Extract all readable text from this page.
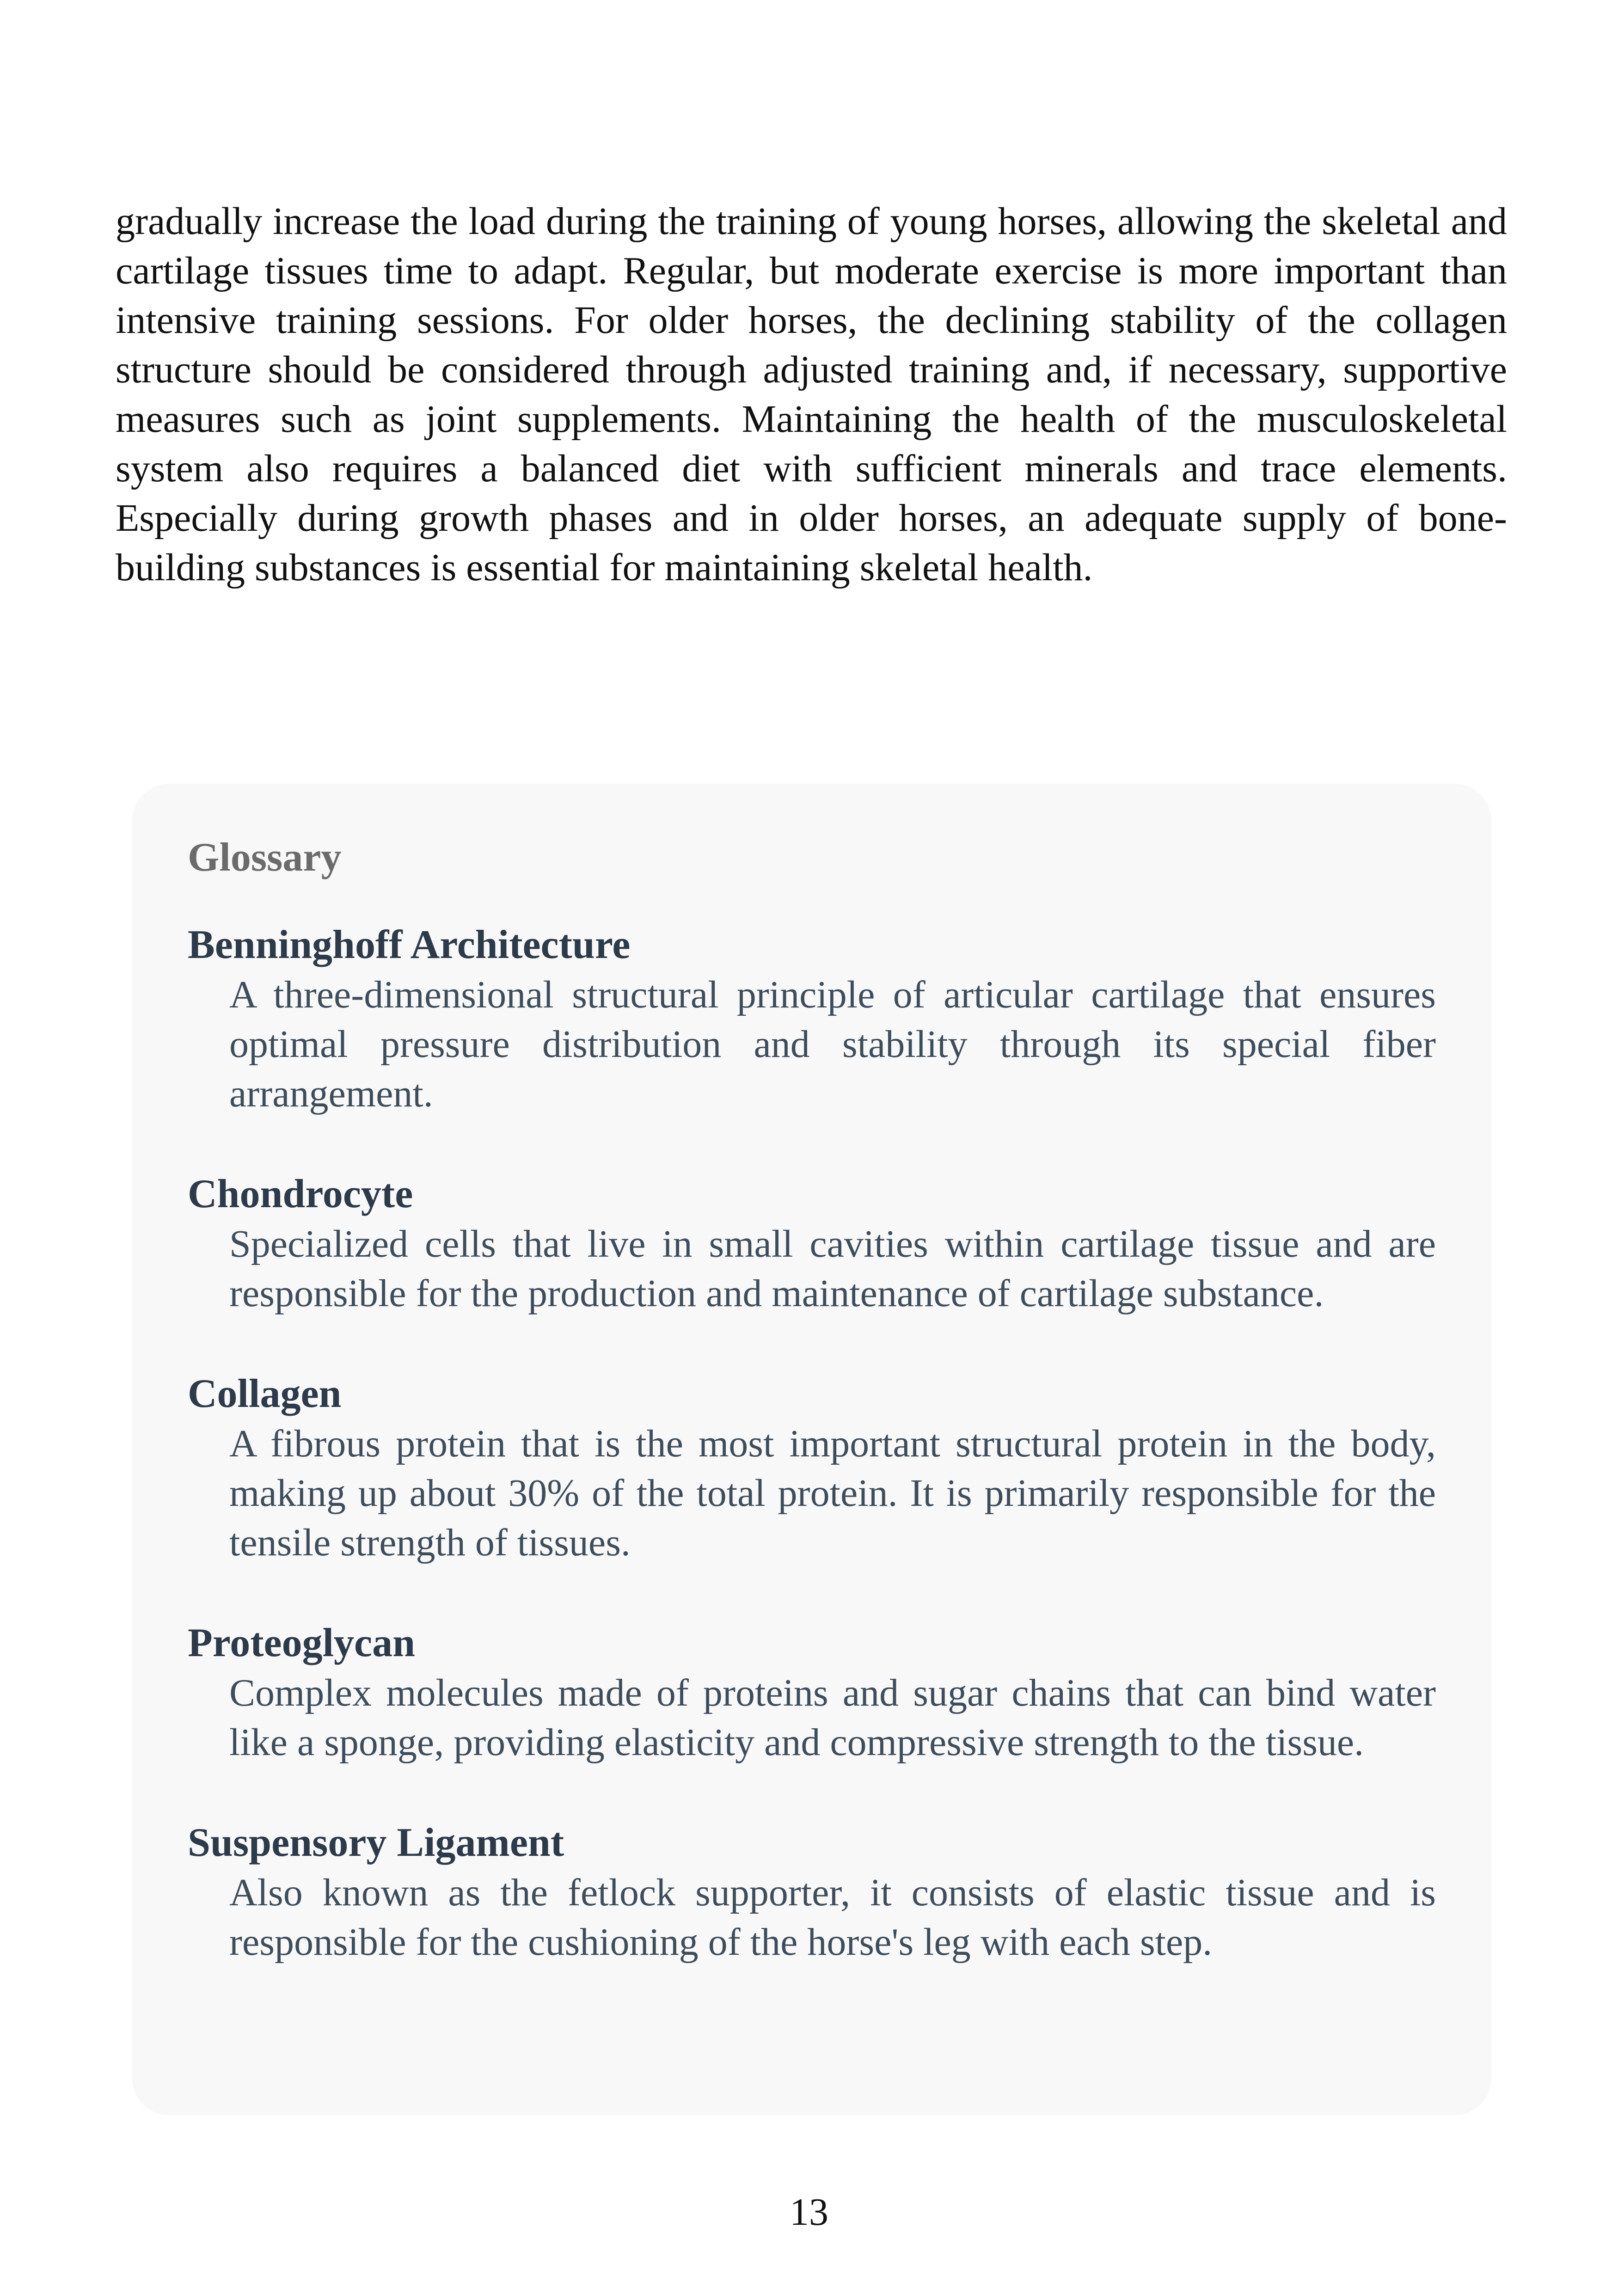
gradually increase the load during the training of young horses, allowing the skeletal and cartilage tissues time to adapt. Regular, but moderate exercise is more important than intensive training sessions. For older horses, the declining stability of the collagen structure should be considered through adjusted training and, if necessary, supportive measures such as joint supplements. Maintaining the health of the musculoskeletal system also requires a balanced diet with sufficient minerals and trace elements. Especially during growth phases and in older horses, an adequate supply of bone-building substances is essential for maintaining skeletal health.

Glossary
Benninghoff Architecture
A three-dimensional structural principle of articular cartilage that ensures optimal pressure distribution and stability through its special fiber arrangement.
Chondrocyte
Specialized cells that live in small cavities within cartilage tissue and are responsible for the production and maintenance of cartilage substance.
Collagen
A fibrous protein that is the most important structural protein in the body, making up about 30% of the total protein. It is primarily responsible for the tensile strength of tissues.
Proteoglycan
Complex molecules made of proteins and sugar chains that can bind water like a sponge, providing elasticity and compressive strength to the tissue.
Suspensory Ligament
Also known as the fetlock supporter, it consists of elastic tissue and is responsible for the cushioning of the horse's leg with each step.
13
